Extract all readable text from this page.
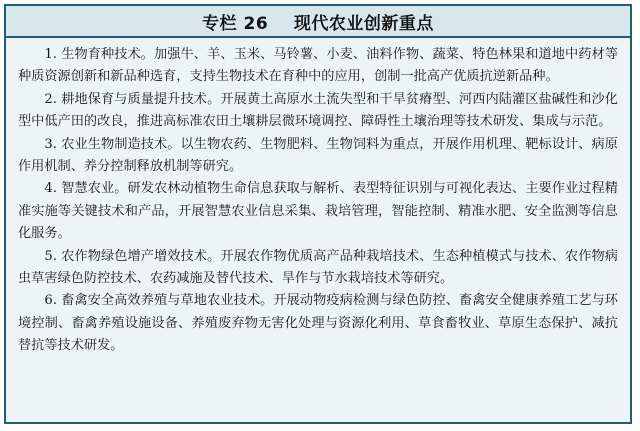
专栏 26    现代农业创新重点

1. 生物育种技术。加强牛、羊、玉米、马铃薯、小麦、油料作物、蔬菜、特色林果和道地中药材等种质资源创新和新品种选育，支持生物技术在育种中的应用，创制一批高产优质抗逆新品种。

2. 耕地保育与质量提升技术。开展黄土高原水土流失型和干旱贫瘠型、河西内陆灌区盐碱性和沙化型中低产田的改良，推进高标准农田土壤耕层微环境调控、障碍性土壤治理等技术研发、集成与示范。

3. 农业生物制造技术。以生物农药、生物肥料、生物饲料为重点，开展作用机理、靶标设计、病原作用机制、养分控制释放机制等研究。

4. 智慧农业。研发农林动植物生命信息获取与解析、表型特征识别与可视化表达、主要作业过程精准实施等关键技术和产品，开展智慧农业信息采集、栽培管理，智能控制、精准水肥、安全监测等信息化服务。

5. 农作物绿色增产增效技术。开展农作物优质高产品种栽培技术、生态种植模式与技术、农作物病虫草害绿色防控技术、农药减施及替代技术、旱作与节水栽培技术等研究。

6. 畜禽安全高效养殖与草地农业技术。开展动物疫病检测与绿色防控、畜禽安全健康养殖工艺与环境控制、畜禽养殖设施设备、养殖废弃物无害化处理与资源化利用、草食畜牧业、草原生态保护、减抗替抗等技术研发。
